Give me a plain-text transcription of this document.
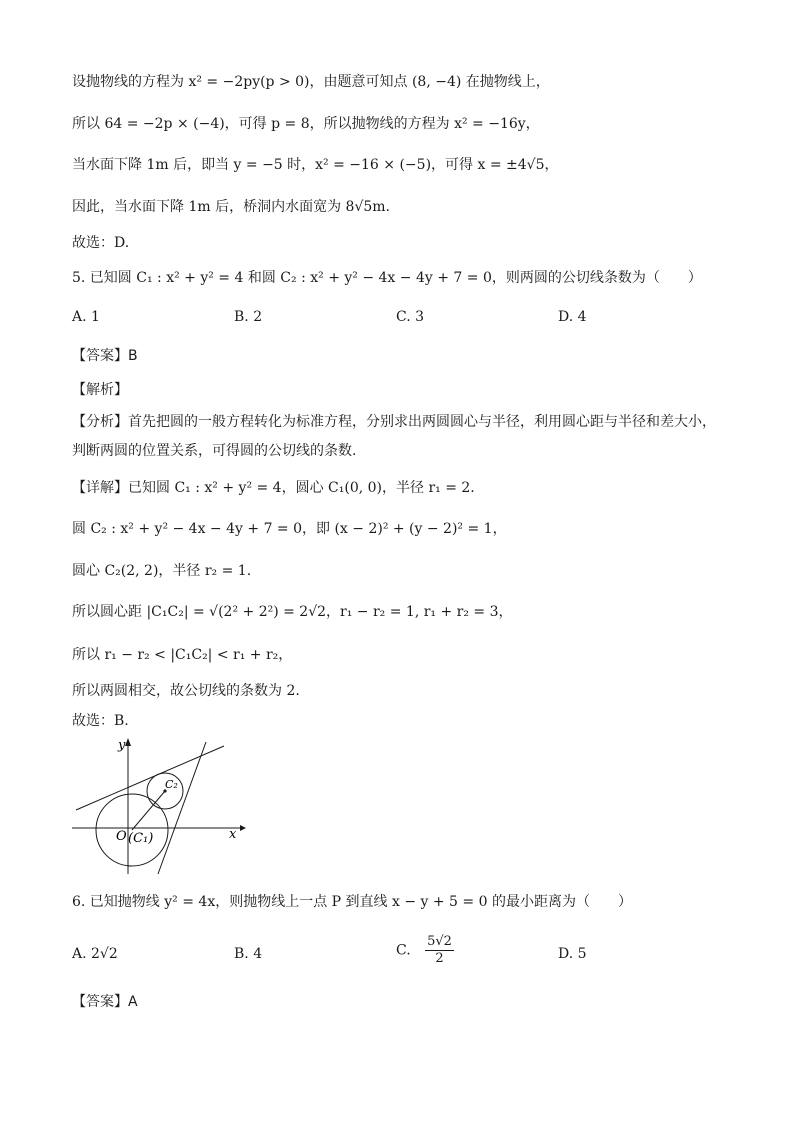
设抛物线的方程为 x² = −2py(p > 0)，由题意可知点 (8, −4) 在抛物线上，
所以 64 = −2p × (−4)，可得 p = 8，所以抛物线的方程为 x² = −16y，
当水面下降 1m 后，即当 y = −5 时，x² = −16 × (−5)，可得 x = ±4√5，
因此，当水面下降 1m 后，桥洞内水面宽为 8√5m.
故选：D.
5. 已知圆 C₁ : x² + y² = 4 和圆 C₂ : x² + y² − 4x − 4y + 7 = 0，则两圆的公切线条数为（　　）
A. 1	B. 2	C. 3	D. 4
【答案】B
【解析】
【分析】首先把圆的一般方程转化为标准方程，分别求出两圆圆心与半径，利用圆心距与半径和差大小，
判断两圆的位置关系，可得圆的公切线的条数.
【详解】已知圆 C₁ : x² + y² = 4，圆心 C₁(0, 0)，半径 r₁ = 2.
圆 C₂ : x² + y² − 4x − 4y + 7 = 0，即 (x − 2)² + (y − 2)² = 1，
圆心 C₂(2, 2)，半径 r₂ = 1.
所以圆心距 |C₁C₂| = √(2² + 2²) = 2√2，r₁ − r₂ = 1, r₁ + r₂ = 3，
所以 r₁ − r₂ < |C₁C₂| < r₁ + r₂，
所以两圆相交，故公切线的条数为 2.
故选：B.
y
x
O (C₁)
C₂
6. 已知抛物线 y² = 4x，则抛物线上一点 P 到直线 x − y + 5 = 0 的最小距离为（　　）
A. 2√2	B. 4	C. $\frac{5√2}{2}$	D. 5
【答案】A
